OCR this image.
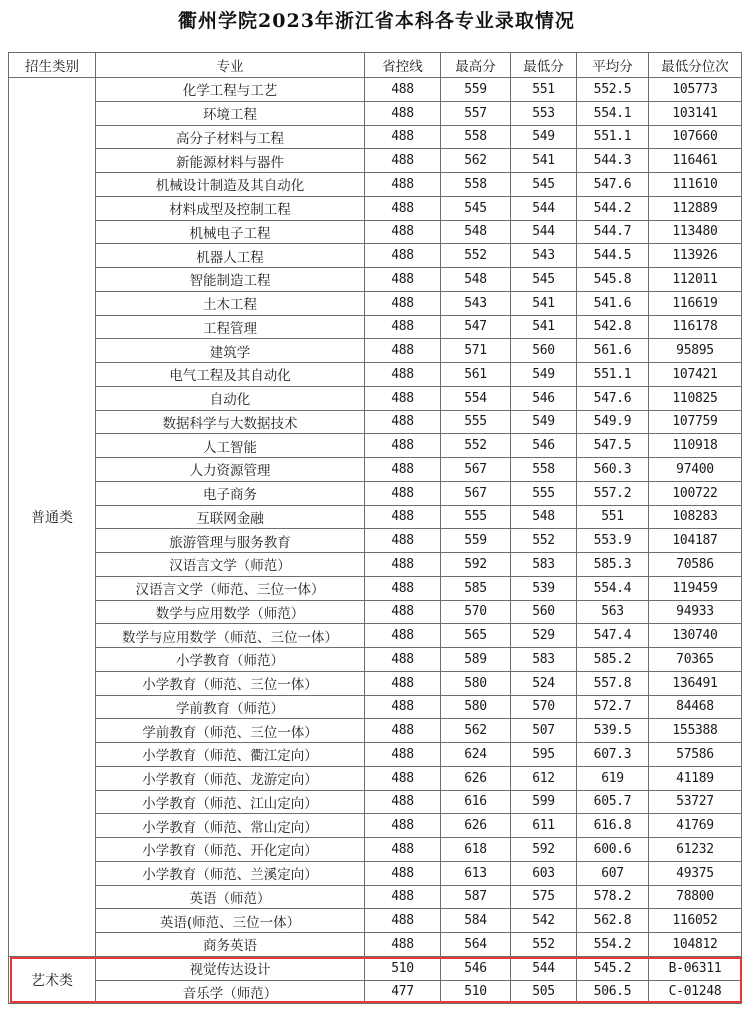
衢州学院2023年浙江省本科各专业录取情况
招生类别	专业	省控线	最高分	最低分	平均分	最低分位次
普通类	化学工程与工艺	488	559	551	552.5	105773
	环境工程	488	557	553	554.1	103141
	高分子材料与工程	488	558	549	551.1	107660
	新能源材料与器件	488	562	541	544.3	116461
	机械设计制造及其自动化	488	558	545	547.6	111610
	材料成型及控制工程	488	545	544	544.2	112889
	机械电子工程	488	548	544	544.7	113480
	机器人工程	488	552	543	544.5	113926
	智能制造工程	488	548	545	545.8	112011
	土木工程	488	543	541	541.6	116619
	工程管理	488	547	541	542.8	116178
	建筑学	488	571	560	561.6	95895
	电气工程及其自动化	488	561	549	551.1	107421
	自动化	488	554	546	547.6	110825
	数据科学与大数据技术	488	555	549	549.9	107759
	人工智能	488	552	546	547.5	110918
	人力资源管理	488	567	558	560.3	97400
	电子商务	488	567	555	557.2	100722
	互联网金融	488	555	548	551	108283
	旅游管理与服务教育	488	559	552	553.9	104187
	汉语言文学（师范）	488	592	583	585.3	70586
	汉语言文学（师范、三位一体）	488	585	539	554.4	119459
	数学与应用数学（师范）	488	570	560	563	94933
	数学与应用数学（师范、三位一体）	488	565	529	547.4	130740
	小学教育（师范）	488	589	583	585.2	70365
	小学教育（师范、三位一体）	488	580	524	557.8	136491
	学前教育（师范）	488	580	570	572.7	84468
	学前教育（师范、三位一体）	488	562	507	539.5	155388
	小学教育（师范、衢江定向）	488	624	595	607.3	57586
	小学教育（师范、龙游定向）	488	626	612	619	41189
	小学教育（师范、江山定向）	488	616	599	605.7	53727
	小学教育（师范、常山定向）	488	626	611	616.8	41769
	小学教育（师范、开化定向）	488	618	592	600.6	61232
	小学教育（师范、兰溪定向）	488	613	603	607	49375
	英语（师范）	488	587	575	578.2	78800
	英语(师范、三位一体）	488	584	542	562.8	116052
	商务英语	488	564	552	554.2	104812
艺术类	视觉传达设计	510	546	544	545.2	B-06311
	音乐学（师范）	477	510	505	506.5	C-01248
